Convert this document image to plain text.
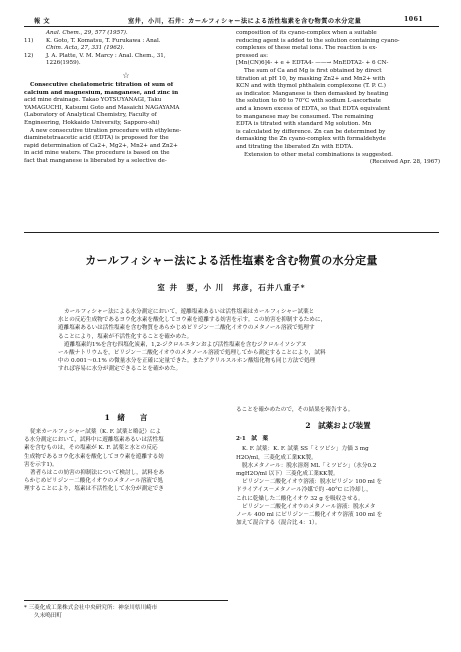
報 文	室井，小川，石井：カールフィシャー法による活性塩素を含む物質の水分定量	1061
Anal. Chem., 29, 577 (1957).
11) K. Goto, T. Komatsu, T. Furukawa : Anal.
Chim. Acta, 27, 331 (1962).
12) J. A. Platte, V. M. Marcy : Anal. Chem., 31,
1226(1959).
☆
Consecutive chelatometric titration of sum of
calcium and magnesium, manganese, and zinc in
acid mine drainage. Takao YOTSUYANAGI, Taku
YAMAGUCHI, Katsumi Goto and Masaichi NAGAYAMA
(Laboratory of Analytical Chemistry, Faculty of
Engineering, Hokkaido University, Sapporo-shi)
A new consecutive titration procedure with ethylene-
diaminetetraacetic acid (EDTA) is proposed for the
rapid determination of Ca2+, Mg2+, Mn2+ and Zn2+
in acid mine waters. The procedure is based on the
fact that manganese is liberated by a selective de-
composition of its cyano-complex when a suitable
reducing agent is added to the solution containing cyano-
complexes of these metal ions. The reaction is ex-
pressed as:
[Mn(CN)6]4- + e + EDTA4- ——→ MnEDTA2- + 6 CN-
The sum of Ca and Mg is first obtained by direct
titration at pH 10, by masking Zn2+ and Mn2+ with
KCN and with thymol phthalein complexone (T. P. C.)
as indicator. Manganese is then demasked by heating
the solution to 60 to 70°C with sodium L-ascorbate
and a known excess of EDTA, so that EDTA equivalent
to manganese may be consumed. The remaining
EDTA is titrated with standard Mg solution. Mn
is calculated by difference. Zn can be determined by
demasking the Zn cyano-complex with formaldehyde
and titrating the liberated Zn with EDTA.
Extension to other metal combinations is suggested.
(Received Apr. 28, 1967)
カールフィシャー法による活性塩素を含む物質の水分定量
室 井　要，小 川　邦彦，石井八重子*
カールフィシャー法による水分測定において，遊離塩素あるいは活性塩素はカールフィシャー試薬と
水との反応生成物であるヨウ化水素を酸化してヨウ素を遊離する妨害を示す。この妨害を抑制するために，
遊離塩素あるいは活性塩素を含む物質をあらかじめピリジン－二酸化イオウのメタノール溶液で処理す
ることにより，塩素が不活性化することを確かめた。
遊離塩素約1%を含む四塩化炭素，1,2-ジクロルエタンおよび活性塩素を含むジクロルイソシアヌ
ール酸ナトリウムを，ピリジン－二酸化イオウのメタノール溶液で処理してから測定することにより，試料
中の 0.001～0.1% の微量水分を正確に定量できた。またアクリルスルホン酸塩化物も同じ方法で処理
すれば容易に水分が測定できることを確かめた。
1　緒　　言
従来カールフィシャー試薬（K. F. 試薬と略記）によ
る水分測定において，試料中に遊離塩素あるいは活性塩
素を含むものは，その塩素が K. F. 試薬と水との反応
生成物であるヨウ化水素を酸化してヨウ素を遊離する妨
害を示す1)。
著者らはこの妨害の抑制法について検討し，試料をあ
らかじめピリジン－二酸化イオウのメタノール溶液で処
理することにより，塩素は不活性化して水分が測定でき
* 三菱化成工業株式会社中央研究所：神奈川県川崎市
久末鳴田町
ることを確かめたので，その結果を報告する。
2　試薬および装置
2·1　試　薬
K. F. 試薬：K. F. 試薬 SS「ミツビシ」力価 3 mg
H2O/ml，三菱化成工業KK製。
脱水メタノール：脱水溶剤 ML「ミツビシ」（水分0.2
mgH2O/ml 以下）三菱化成工業KK製。
ピリジン－二酸化イオウ溶液：脱水ピリジン 100 ml を
ドライアイス－メタノール冷媒で約 -40°C に冷却し，
これに乾燥した二酸化イオウ 32 g を吸収させる。
ピリジン－二酸化イオウのメタノール溶液：脱水メタ
ノール 400 ml にピリジン－二酸化イオウ溶液 100 ml を
加えて混合する（混合比 4：1）。
